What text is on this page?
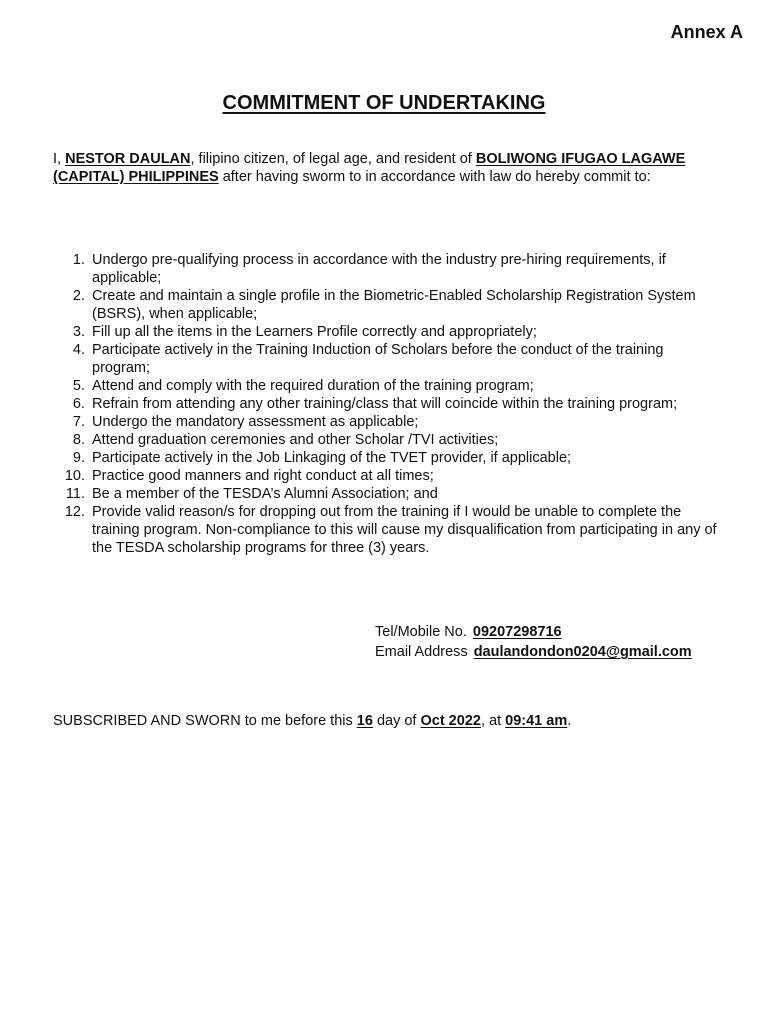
Annex A
COMMITMENT OF UNDERTAKING
I, NESTOR DAULAN, filipino citizen, of legal age, and resident of BOLIWONG IFUGAO LAGAWE (CAPITAL) PHILIPPINES after having sworm to in accordance with law do hereby commit to:
1. Undergo pre-qualifying process in accordance with the industry pre-hiring requirements, if applicable;
2. Create and maintain a single profile in the Biometric-Enabled Scholarship Registration System (BSRS), when applicable;
3. Fill up all the items in the Learners Profile correctly and appropriately;
4. Participate actively in the Training Induction of Scholars before the conduct of the training program;
5. Attend and comply with the required duration of the training program;
6. Refrain from attending any other training/class that will coincide within the training program;
7. Undergo the mandatory assessment as applicable;
8. Attend graduation ceremonies and other Scholar /TVI activities;
9. Participate actively in the Job Linkaging of the TVET provider, if applicable;
10. Practice good manners and right conduct at all times;
11. Be a member of the TESDA’s Alumni Association; and
12. Provide valid reason/s for dropping out from the training if I would be unable to complete the training program. Non-compliance to this will cause my disqualification from participating in any of the TESDA scholarship programs for three (3) years.
Tel/Mobile No. 09207298716
Email Address daulandondon0204@gmail.com
SUBSCRIBED AND SWORN to me before this 16 day of Oct 2022, at 09:41 am.
